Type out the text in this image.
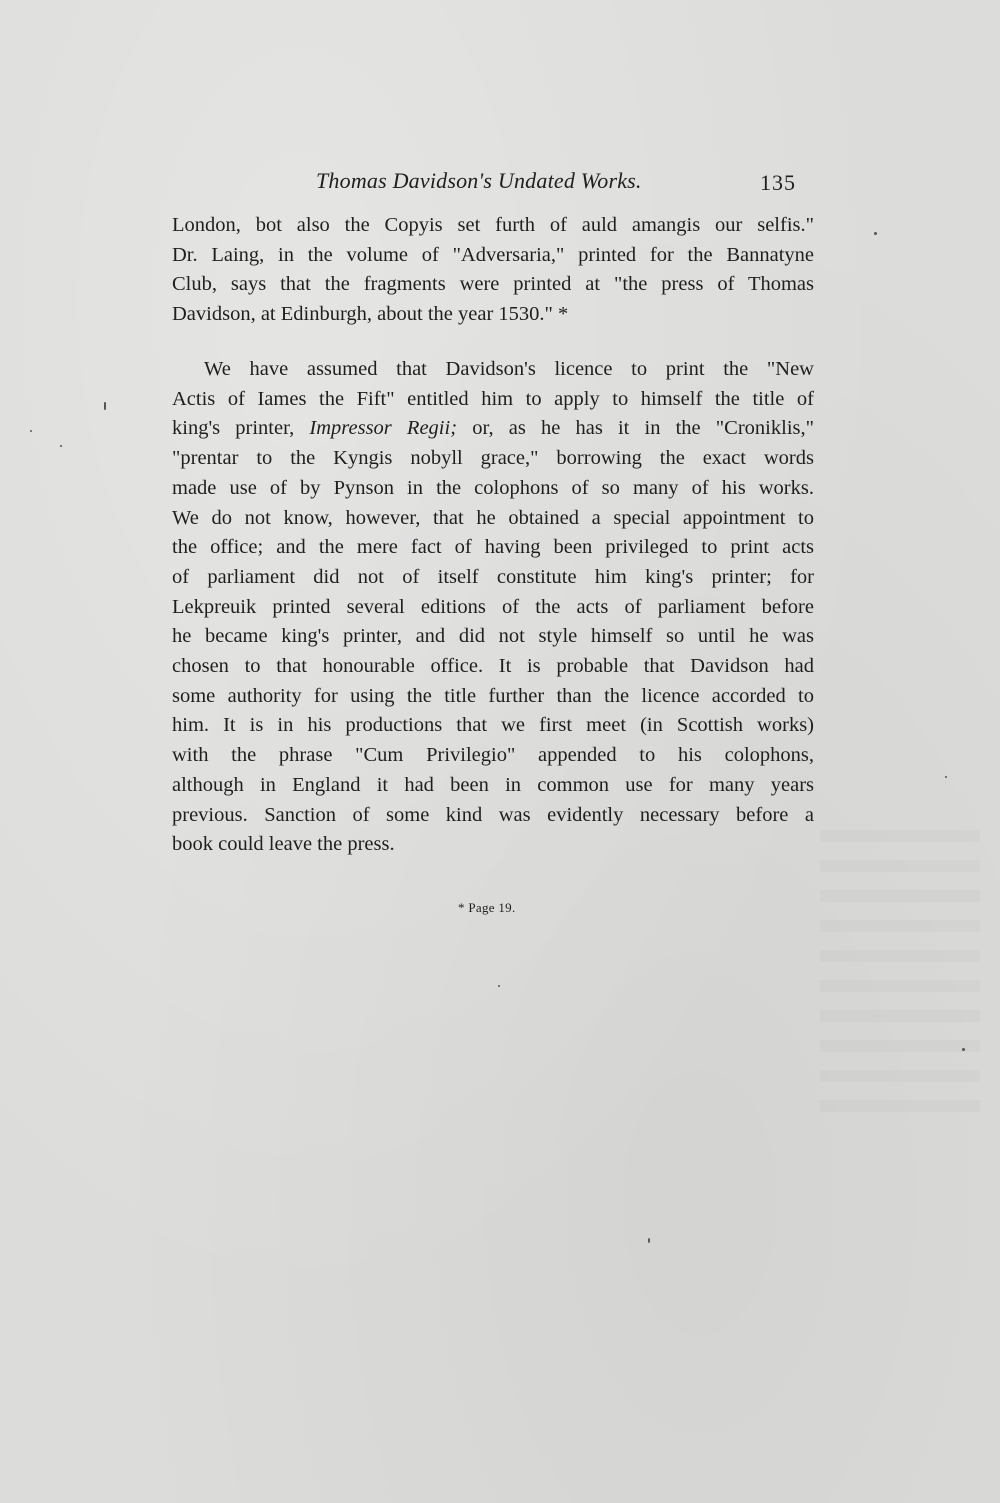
Thomas Davidson's Undated Works.	135
London, bot also the Copyis set furth of auld amangis our selfis."
Dr. Laing, in the volume of "Adversaria," printed for the Bannatyne
Club, says that the fragments were printed at "the press of Thomas
Davidson, at Edinburgh, about the year 1530." *
We have assumed that Davidson's licence to print the "New
Actis of Iames the Fift" entitled him to apply to himself the title of
king's printer, Impressor Regii; or, as he has it in the "Croniklis,"
"prentar to the Kyngis nobyll grace," borrowing the exact words
made use of by Pynson in the colophons of so many of his works.
We do not know, however, that he obtained a special appointment to
the office; and the mere fact of having been privileged to print acts
of parliament did not of itself constitute him king's printer; for
Lekpreuik printed several editions of the acts of parliament before
he became king's printer, and did not style himself so until he was
chosen to that honourable office. It is probable that Davidson had
some authority for using the title further than the licence accorded to
him. It is in his productions that we first meet (in Scottish works)
with the phrase "Cum Privilegio" appended to his colophons,
although in England it had been in common use for many years
previous. Sanction of some kind was evidently necessary before a
book could leave the press.
* Page 19.
